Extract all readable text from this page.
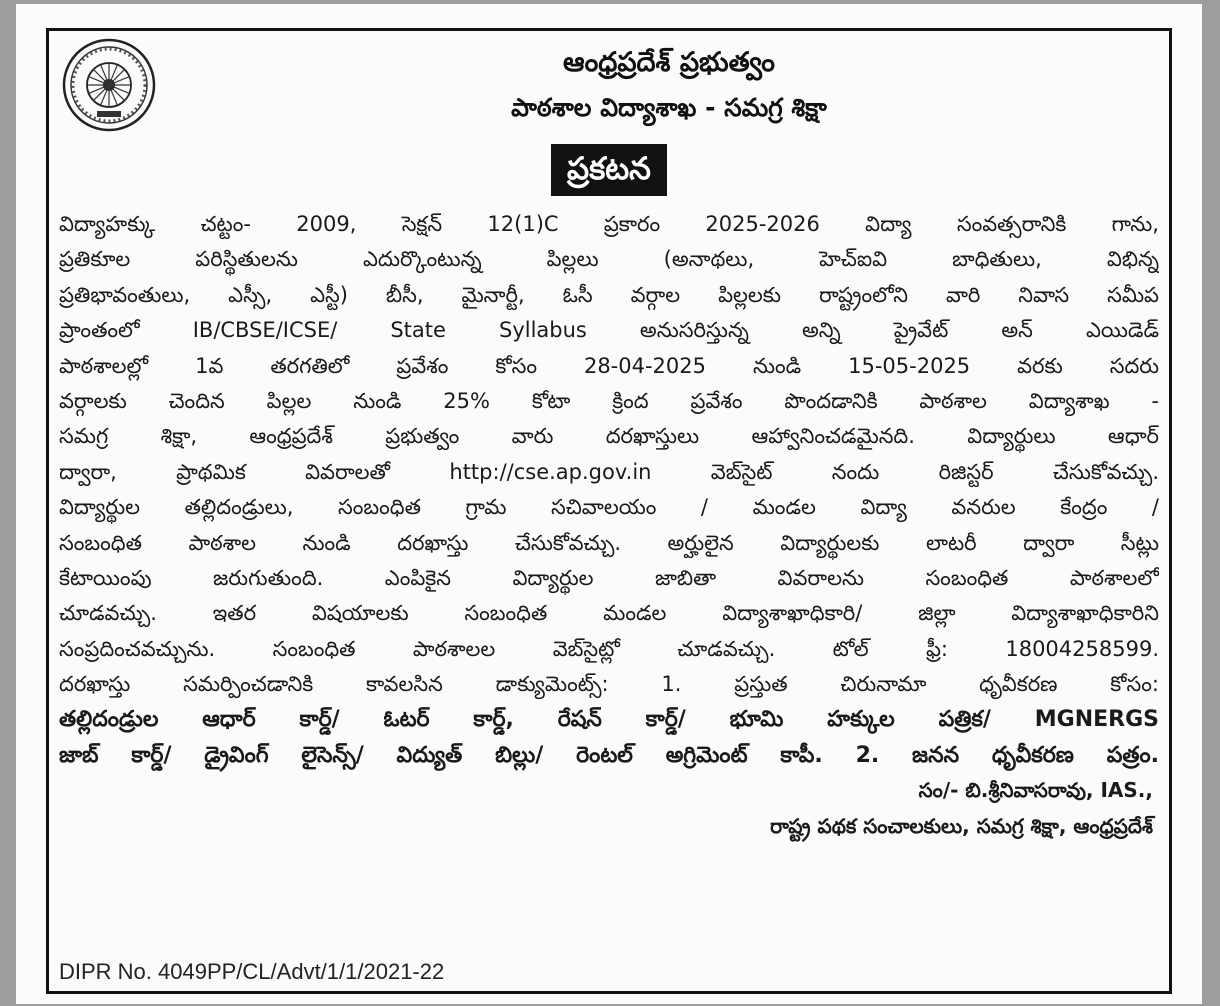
ఆంధ్రప్రదేశ్ ప్రభుత్వం
పాఠశాల విద్యాశాఖ - సమగ్ర శిక్షా
ప్రకటన
విద్యాహక్కు చట్టం- 2009, సెక్షన్ 12(1)C ప్రకారం 2025-2026 విద్యా సంవత్సరానికి గాను,
ప్రతికూల పరిస్థితులను ఎదుర్కొంటున్న పిల్లలు (అనాథలు, హెచ్ఐవి బాధితులు, విభిన్న
ప్రతిభావంతులు, ఎస్సీ, ఎస్టీ) బీసీ, మైనార్టీ, ఓసీ వర్గాల పిల్లలకు రాష్ట్రంలోని వారి నివాస సమీప
ప్రాంతంలో IB/CBSE/ICSE/ State Syllabus అనుసరిస్తున్న అన్ని ప్రైవేట్ అన్ ఎయిడెడ్
పాఠశాలల్లో 1వ తరగతిలో ప్రవేశం కోసం 28-04-2025 నుండి 15-05-2025 వరకు సదరు
వర్గాలకు చెందిన పిల్లల నుండి 25% కోటా క్రింద ప్రవేశం పొందడానికి పాఠశాల విద్యాశాఖ -
సమగ్ర శిక్షా, ఆంధ్రప్రదేశ్ ప్రభుత్వం వారు దరఖాస్తులు ఆహ్వానించడమైనది. విద్యార్థులు ఆధార్
ద్వారా, ప్రాథమిక వివరాలతో http://cse.ap.gov.in వెబ్‌సైట్ నందు రిజిస్టర్ చేసుకోవచ్చు.
విద్యార్థుల తల్లిదండ్రులు, సంబంధిత గ్రామ సచివాలయం / మండల విద్యా వనరుల కేంద్రం /
సంబంధిత పాఠశాల నుండి దరఖాస్తు చేసుకోవచ్చు. అర్హులైన విద్యార్థులకు లాటరీ ద్వారా సీట్లు
కేటాయింపు జరుగుతుంది. ఎంపికైన విద్యార్థుల జాబితా వివరాలను సంబంధిత పాఠశాలలో
చూడవచ్చు. ఇతర విషయాలకు సంబంధిత మండల విద్యాశాఖాధికారి/ జిల్లా విద్యాశాఖాధికారిని
సంప్రదించవచ్చును. సంబంధిత పాఠశాలల వెబ్‌సైట్లో చూడవచ్చు. టోల్ ఫ్రీ: 18004258599.
దరఖాస్తు సమర్పించడానికి కావలసిన డాక్యుమెంట్స్: 1. ప్రస్తుత చిరునామా ధృవీకరణ కోసం:
తల్లిదండ్రుల ఆధార్ కార్డ్/ ఓటర్ కార్డ్, రేషన్ కార్డ్/ భూమి హక్కుల పత్రిక/ MGNERGS
జాబ్ కార్డ్/ డ్రైవింగ్ లైసెన్స్/ విద్యుత్ బిల్లు/ రెంటల్ అగ్రిమెంట్ కాపీ. 2. జనన ధృవీకరణ పత్రం.
సం/- బి.శ్రీనివాసరావు, IAS.,
రాష్ట్ర పథక సంచాలకులు, సమగ్ర శిక్షా, ఆంధ్రప్రదేశ్
DIPR No. 4049PP/CL/Advt/1/1/2021-22
